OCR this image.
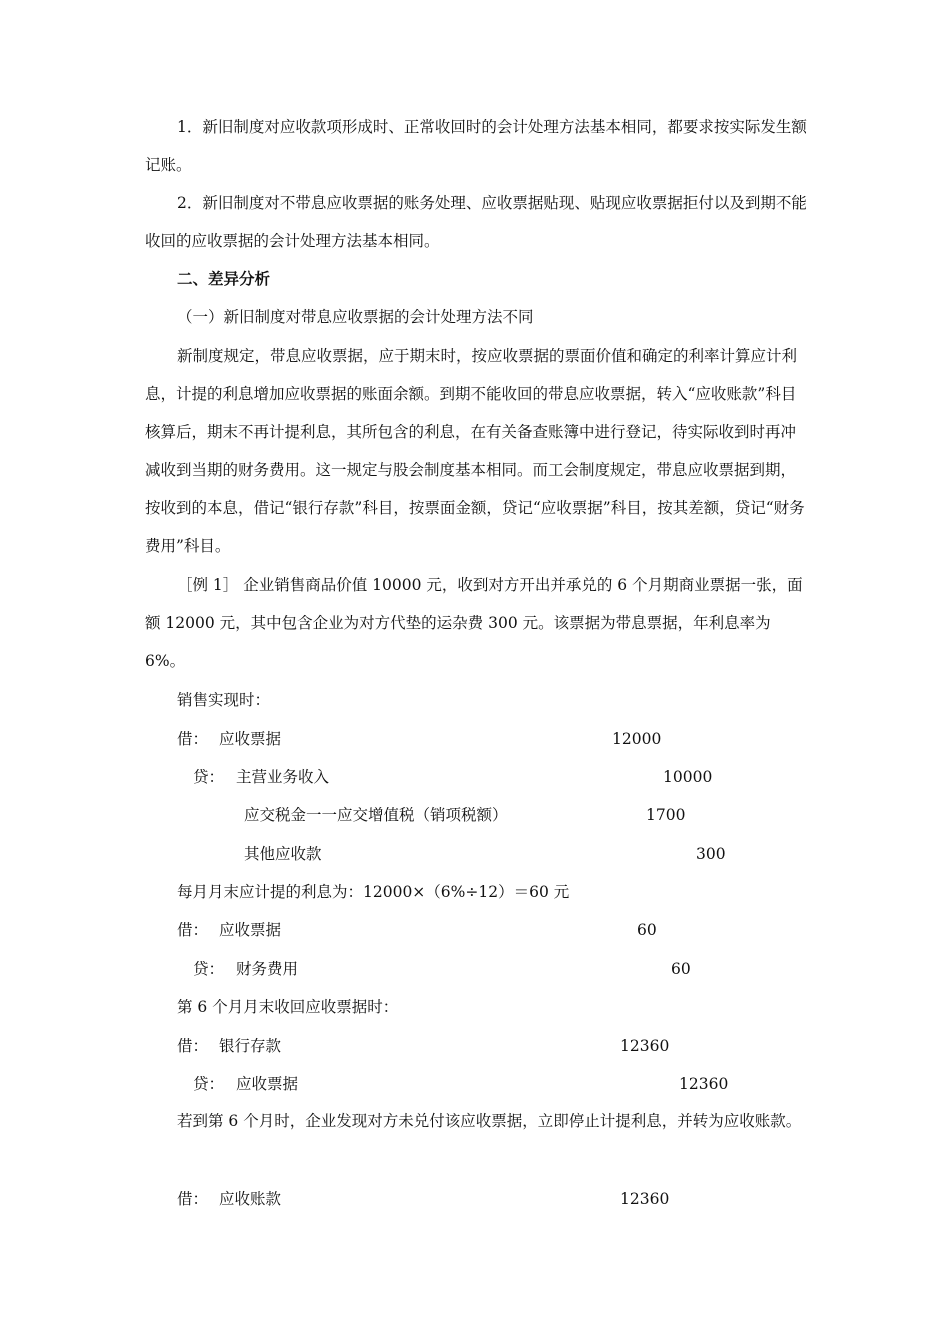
1．新旧制度对应收款项形成时、正常收回时的会计处理方法基本相同，都要求按实际发生额记账。
2．新旧制度对不带息应收票据的账务处理、应收票据贴现、贴现应收票据拒付以及到期不能收回的应收票据的会计处理方法基本相同。
二、差异分析
（一）新旧制度对带息应收票据的会计处理方法不同
新制度规定，带息应收票据，应于期末时，按应收票据的票面价值和确定的利率计算应计利息，计提的利息增加应收票据的账面余额。到期不能收回的带息应收票据，转入“应收账款”科目核算后，期末不再计提利息，其所包含的利息，在有关备查账簿中进行登记，待实际收到时再冲减收到当期的财务费用。这一规定与股会制度基本相同。而工会制度规定，带息应收票据到期，按收到的本息，借记“银行存款”科目，按票面金额，贷记“应收票据”科目，按其差额，贷记“财务费用”科目。
［例 1］ 企业销售商品价值 10000 元，收到对方开出并承兑的 6 个月期商业票据一张，面额 12000 元，其中包含企业为对方代垫的运杂费 300 元。该票据为带息票据，年利息率为 6%。
销售实现时：
借： 应收票据	12000
贷： 主营业务收入	10000
应交税金一一应交增值税（销项税额）	1700
其他应收款	300
每月月末应计提的利息为：12000×（6%÷12）＝60 元
借： 应收票据	60
贷： 财务费用	60
第 6 个月月末收回应收票据时：
借： 银行存款	12360
贷： 应收票据	12360
若到第 6 个月时，企业发现对方未兑付该应收票据，立即停止计提利息，并转为应收账款。
借： 应收账款	12360
